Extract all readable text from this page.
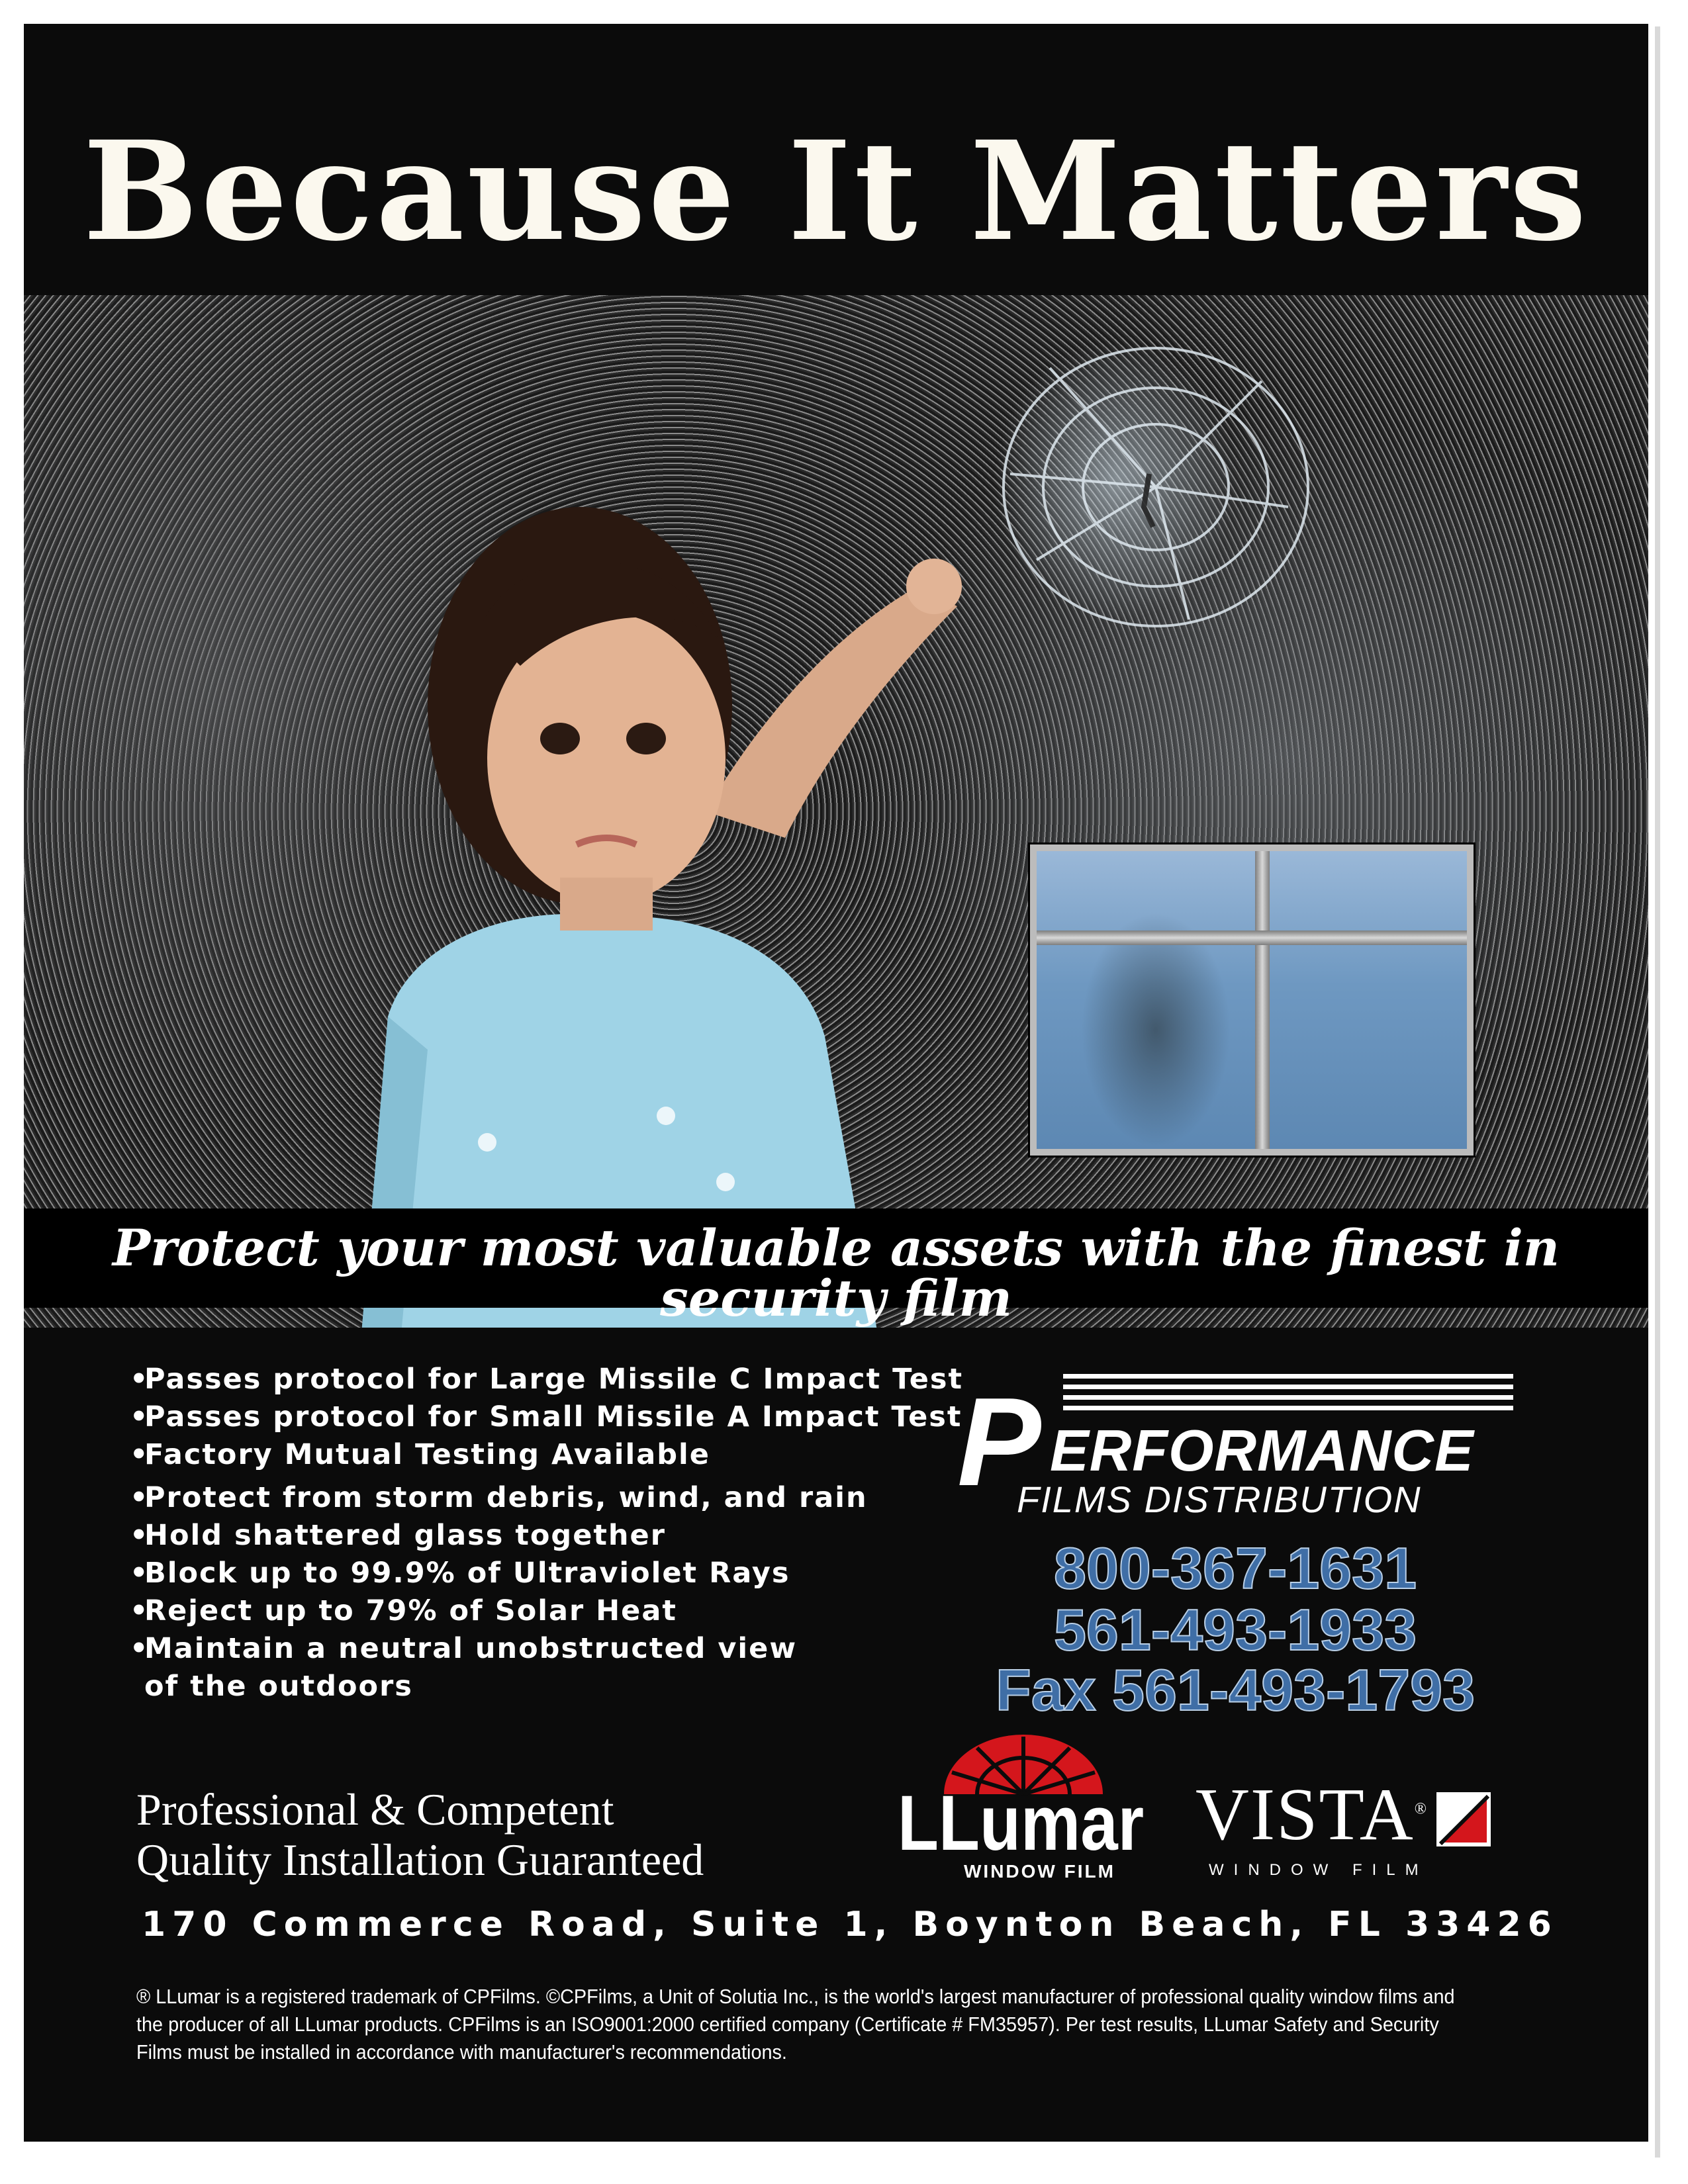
Because It Matters
Protect your most valuable assets with the finest in security film
•Passes protocol for Large Missile C Impact Test
•Passes protocol for Small Missile A Impact Test
•Factory Mutual Testing Available
•Protect from storm debris, wind, and rain
•Hold shattered glass together
•Block up to 99.9% of Ultraviolet Rays
•Reject up to 79% of Solar Heat
•Maintain a neutral unobstructed view
of the outdoors
P ERFORMANCE
FILMS DISTRIBUTION
800-367-1631
561-493-1933
Fax 561-493-1793
Professional & Competent
Quality Installation Guaranteed LLumar
WINDOW FILM
VISTA®
WINDOW FILM
170 Commerce Road, Suite 1, Boynton Beach, FL 33426
® LLumar is a registered trademark of CPFilms. ©CPFilms, a Unit of Solutia Inc., is the world's largest manufacturer of professional quality window films and the producer of all LLumar products. CPFilms is an ISO9001:2000 certified company (Certificate # FM35957). Per test results, LLumar Safety and Security Films must be installed in accordance with manufacturer's recommendations.
